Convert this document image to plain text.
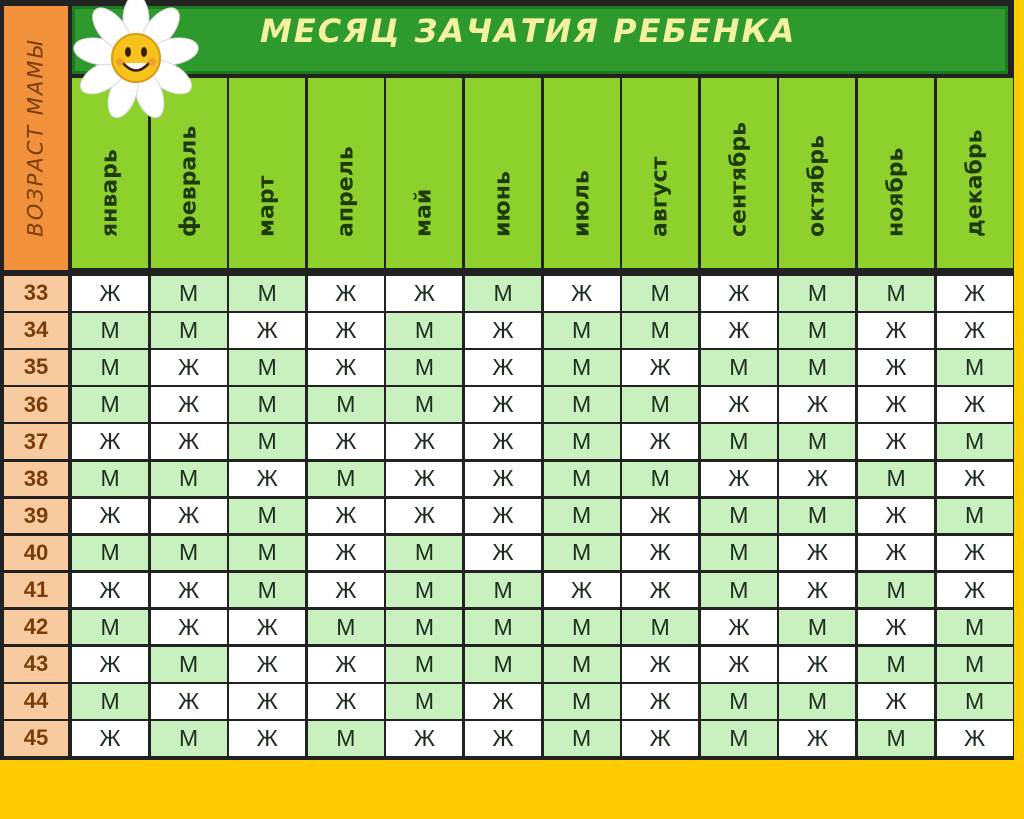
ВОЗРАСТ МАМЫ
МЕСЯЦ ЗАЧАТИЯ РЕБЕНКА
январь февраль март апрель май июнь июль август сентябрь октябрь ноябрь декабрь
33	Ж	М	М	Ж	Ж	М	Ж	М	Ж	М	М	Ж
34	М	М	Ж	Ж	М	Ж	М	М	Ж	М	Ж	Ж
35	М	Ж	М	Ж	М	Ж	М	Ж	М	М	Ж	М
36	М	Ж	М	М	М	Ж	М	М	Ж	Ж	Ж	Ж
37	Ж	Ж	М	Ж	Ж	Ж	М	Ж	М	М	Ж	М
38	М	М	Ж	М	Ж	Ж	М	М	Ж	Ж	М	Ж
39	Ж	Ж	М	Ж	Ж	Ж	М	Ж	М	М	Ж	М
40	М	М	М	Ж	М	Ж	М	Ж	М	Ж	Ж	Ж
41	Ж	Ж	М	Ж	М	М	Ж	Ж	М	Ж	М	Ж
42	М	Ж	Ж	М	М	М	М	М	Ж	М	Ж	М
43	Ж	М	Ж	Ж	М	М	М	Ж	Ж	Ж	М	М
44	М	Ж	Ж	Ж	М	Ж	М	Ж	М	М	Ж	М
45	Ж	М	Ж	М	Ж	Ж	М	Ж	М	Ж	М	Ж
